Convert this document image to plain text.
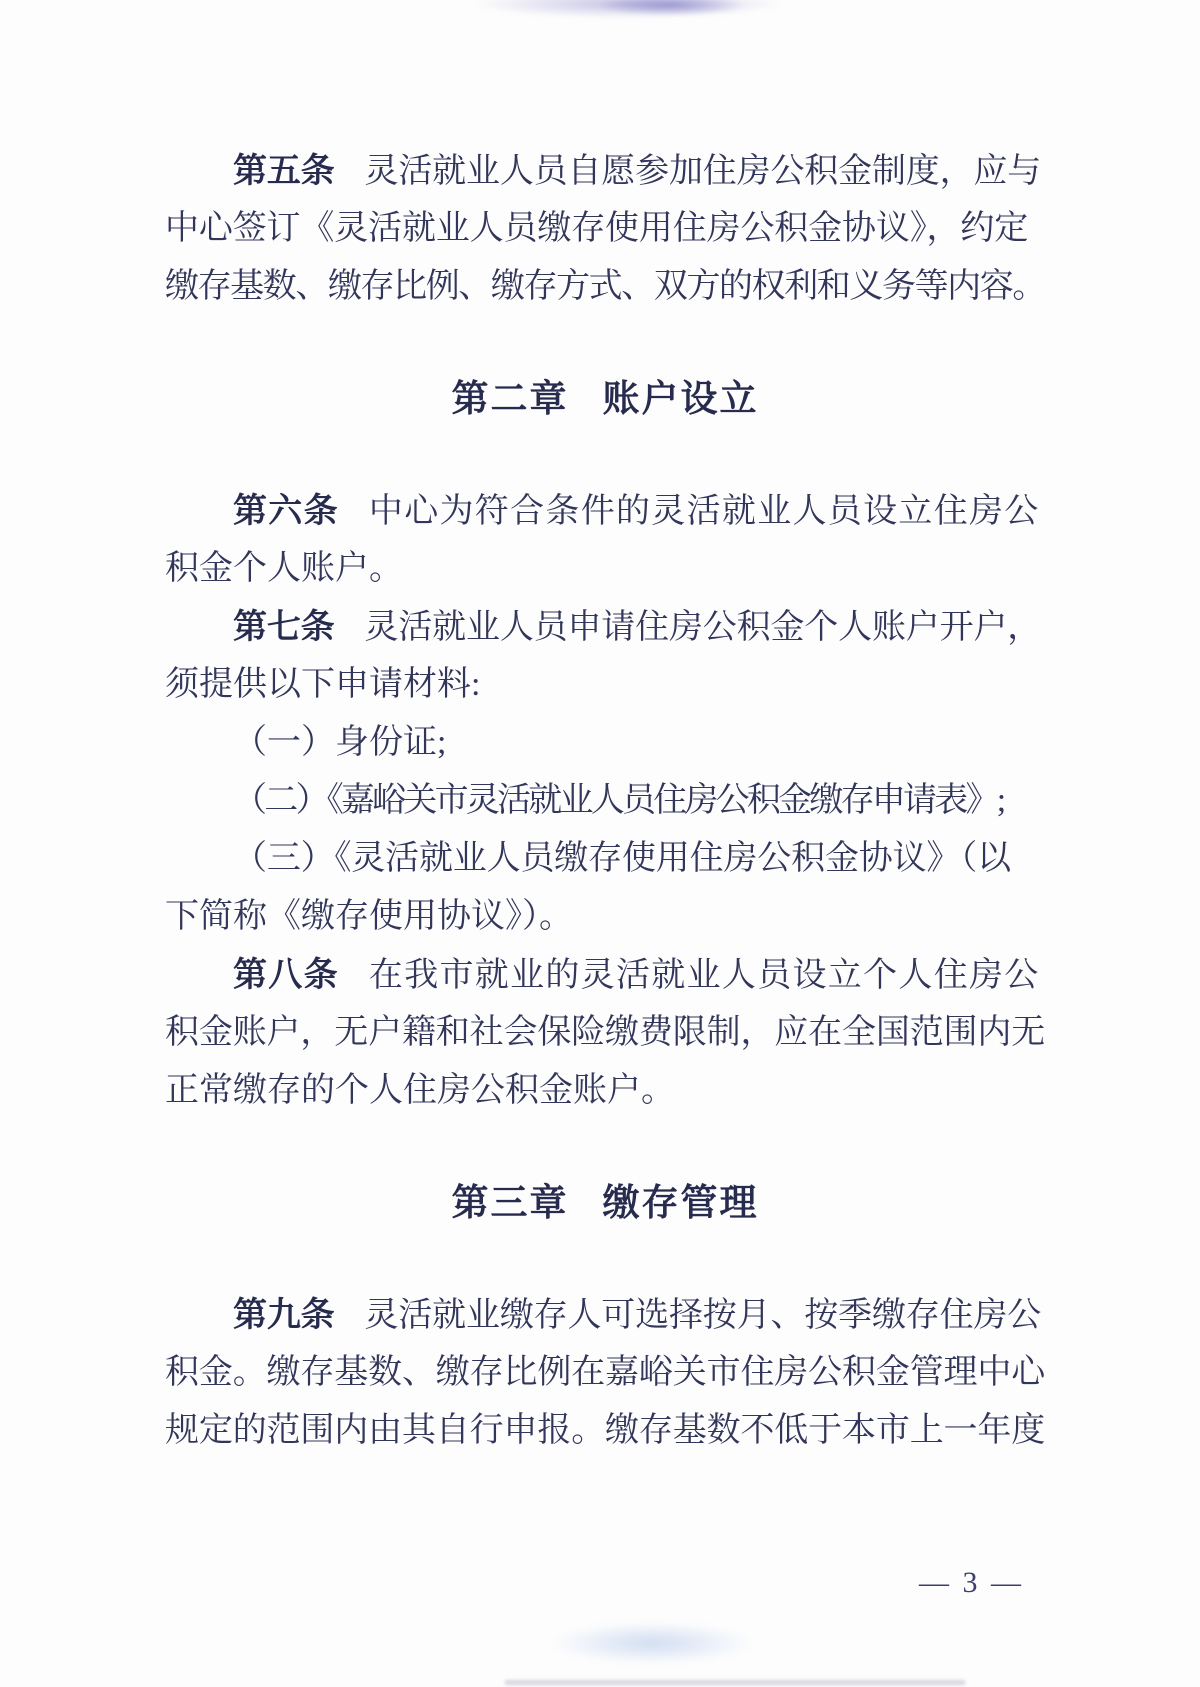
第五条 灵活就业人员自愿参加住房公积金制度，应与
中心签订《灵活就业人员缴存使用住房公积金协议》，约定
缴存基数、缴存比例、缴存方式、双方的权利和义务等内容。
第二章 账户设立
第六条 中心为符合条件的灵活就业人员设立住房公
积金个人账户。
第七条 灵活就业人员申请住房公积金个人账户开户，
须提供以下申请材料:
（一）身份证;
（二）《嘉峪关市灵活就业人员住房公积金缴存申请表》;
（三）《灵活就业人员缴存使用住房公积金协议》（以
下简称《缴存使用协议》）。
第八条 在我市就业的灵活就业人员设立个人住房公
积金账户，无户籍和社会保险缴费限制，应在全国范围内无
正常缴存的个人住房公积金账户。
第三章 缴存管理
第九条 灵活就业缴存人可选择按月、按季缴存住房公
积金。缴存基数、缴存比例在嘉峪关市住房公积金管理中心
规定的范围内由其自行申报。缴存基数不低于本市上一年度
— 3 —
